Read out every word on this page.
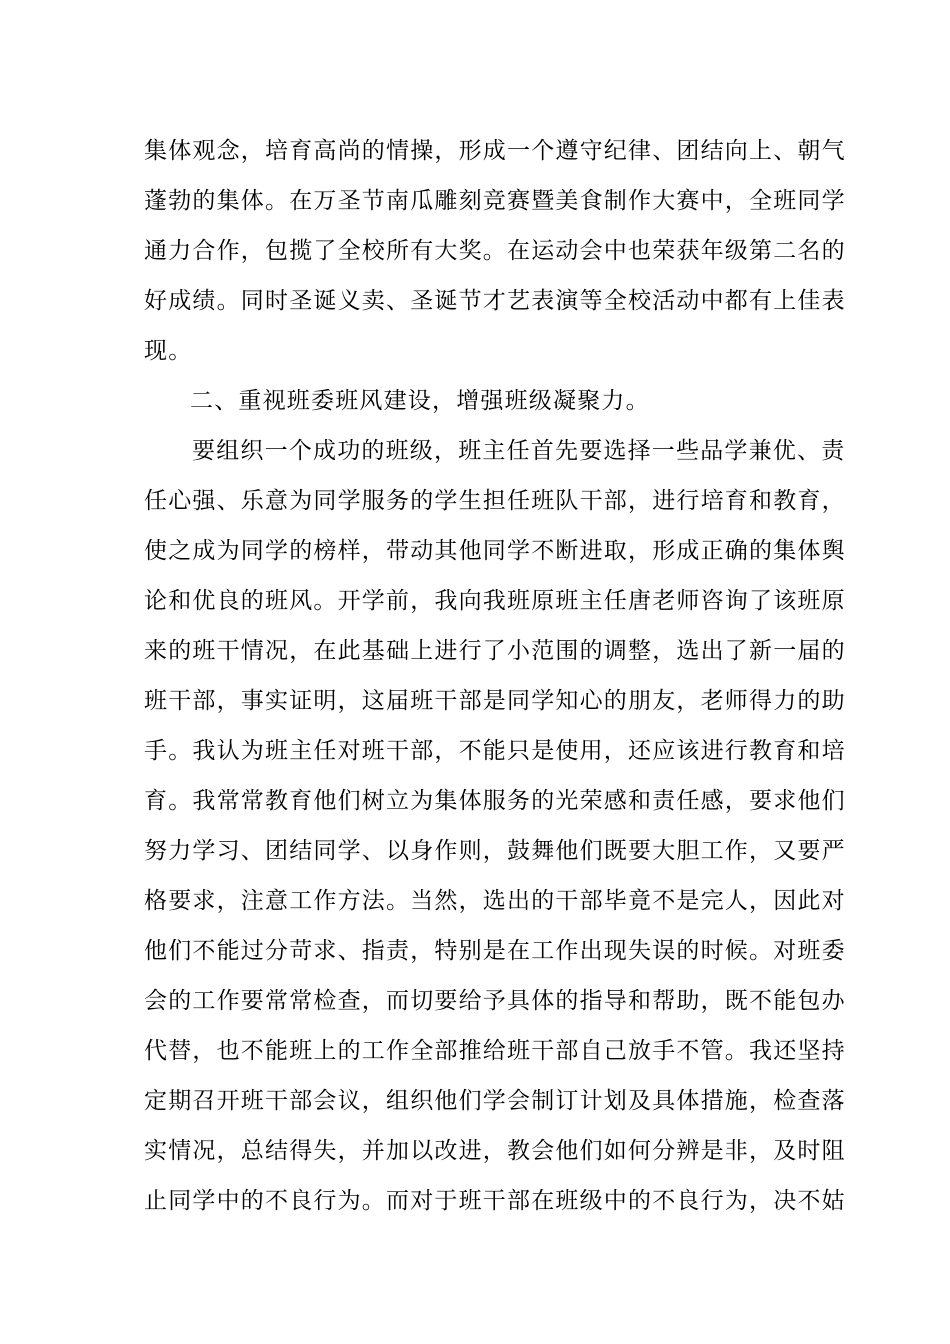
集体观念，培育高尚的情操，形成一个遵守纪律、团结向上、朝气
蓬勃的集体。在万圣节南瓜雕刻竞赛暨美食制作大赛中，全班同学
通力合作，包揽了全校所有大奖。在运动会中也荣获年级第二名的
好成绩。同时圣诞义卖、圣诞节才艺表演等全校活动中都有上佳表
现。
二、重视班委班风建设，增强班级凝聚力。
要组织一个成功的班级，班主任首先要选择一些品学兼优、责
任心强、乐意为同学服务的学生担任班队干部，进行培育和教育，
使之成为同学的榜样，带动其他同学不断进取，形成正确的集体舆
论和优良的班风。开学前，我向我班原班主任唐老师咨询了该班原
来的班干情况，在此基础上进行了小范围的调整，选出了新一届的
班干部，事实证明，这届班干部是同学知心的朋友，老师得力的助
手。我认为班主任对班干部，不能只是使用，还应该进行教育和培
育。我常常教育他们树立为集体服务的光荣感和责任感，要求他们
努力学习、团结同学、以身作则，鼓舞他们既要大胆工作，又要严
格要求，注意工作方法。当然，选出的干部毕竟不是完人，因此对
他们不能过分苛求、指责，特别是在工作出现失误的时候。对班委
会的工作要常常检查，而切要给予具体的指导和帮助，既不能包办
代替，也不能班上的工作全部推给班干部自己放手不管。我还坚持
定期召开班干部会议，组织他们学会制订计划及具体措施，检查落
实情况，总结得失，并加以改进，教会他们如何分辨是非，及时阻
止同学中的不良行为。而对于班干部在班级中的不良行为，决不姑
